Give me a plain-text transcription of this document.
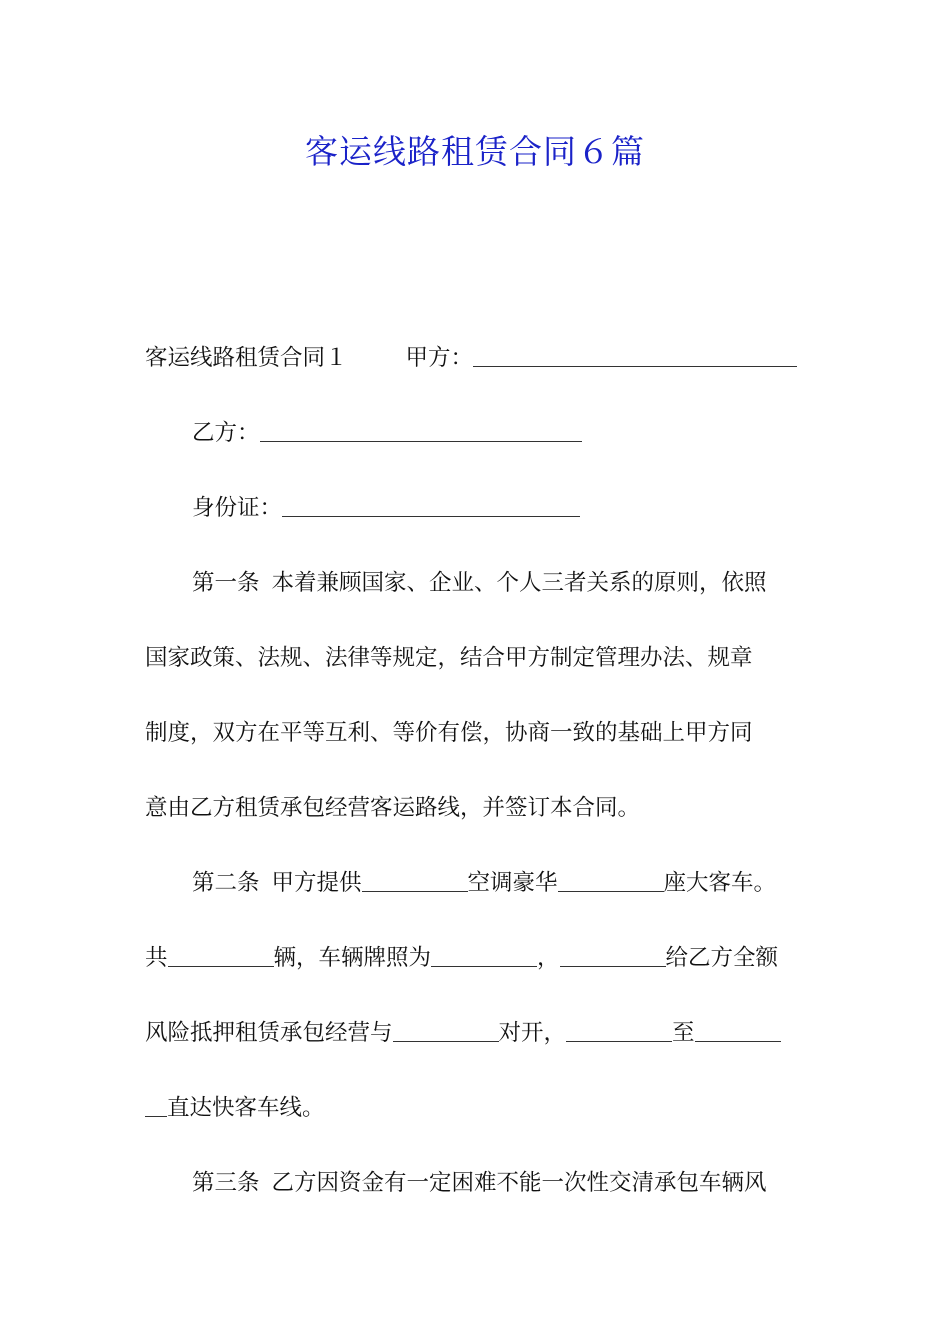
客运线路租赁合同６篇
客运线路租赁合同１	甲方：
乙方：
身份证：
第一条 本着兼顾国家、企业、个人三者关系的原则，依照
国家政策、法规、法律等规定，结合甲方制定管理办法、规章
制度，双方在平等互利、等价有偿，协商一致的基础上甲方同
意由乙方租赁承包经营客运路线，并签订本合同。
第二条 甲方提供	空调豪华	座大客车。
共	辆，车辆牌照为	，	给乙方全额
风险抵押租赁承包经营与	对开，	至
直达快客车线。
第三条 乙方因资金有一定困难不能一次性交清承包车辆风
